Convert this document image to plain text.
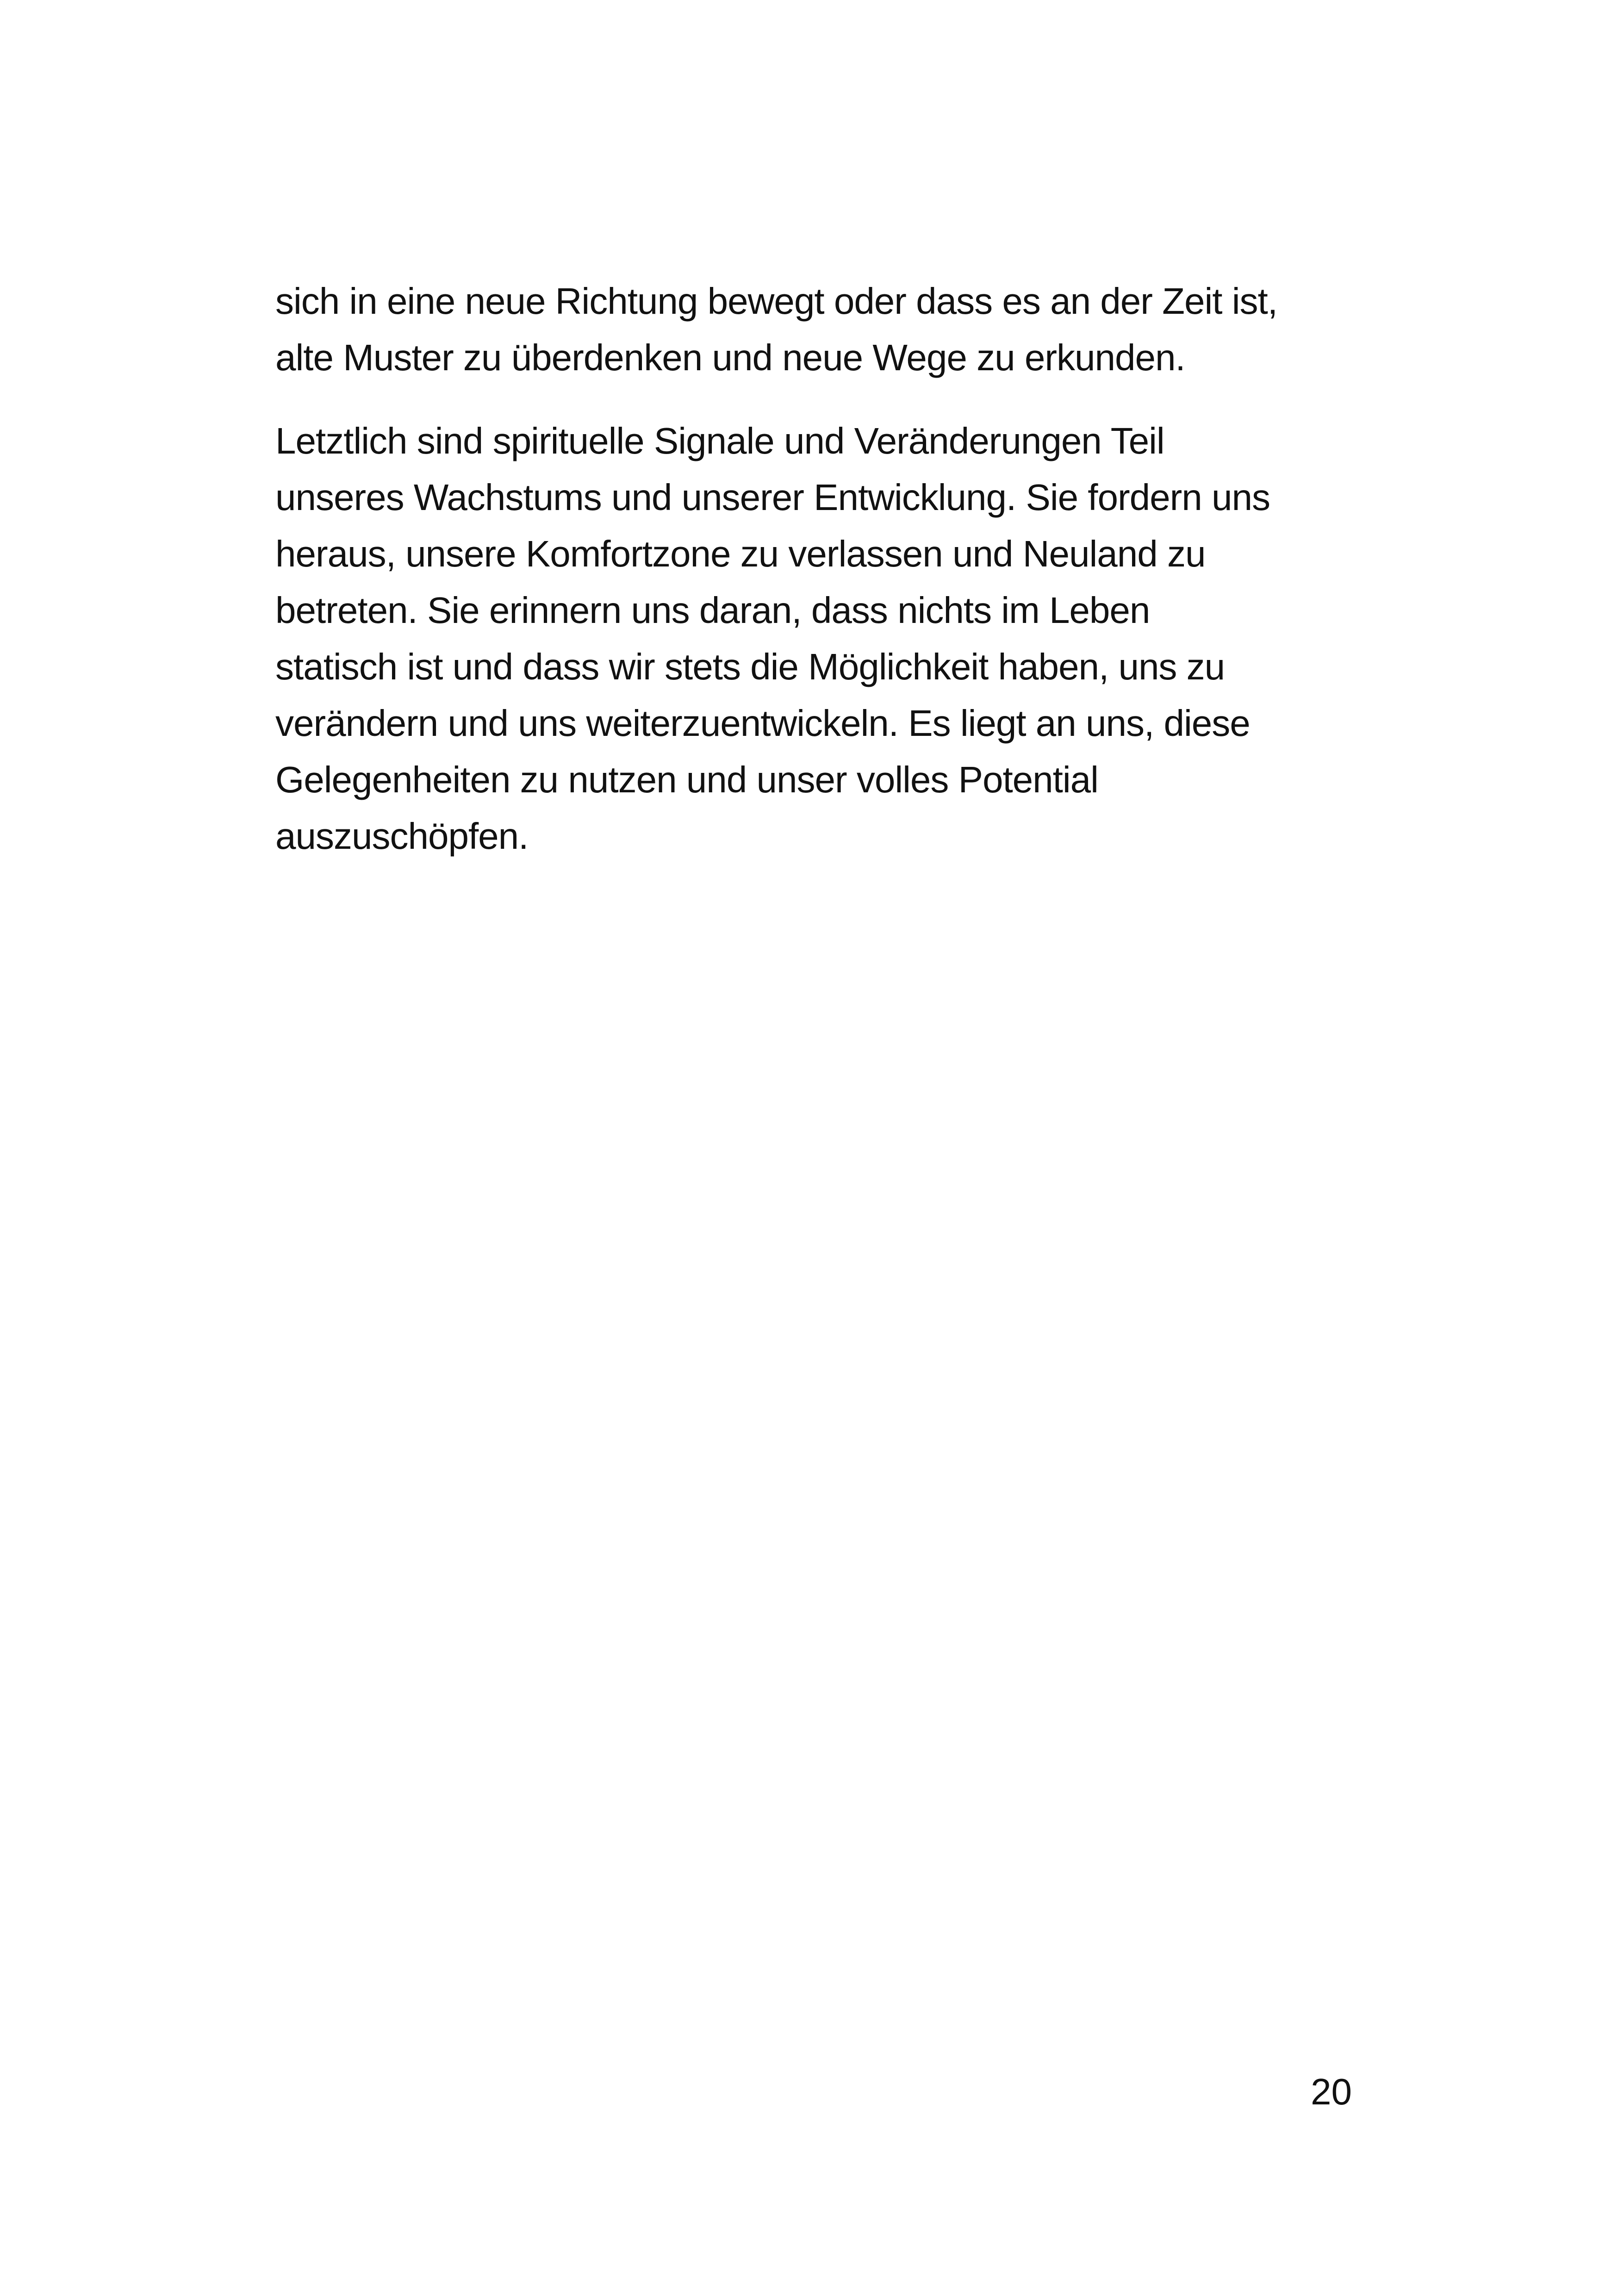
sich in eine neue Richtung bewegt oder dass es an der Zeit ist,
alte Muster zu überdenken und neue Wege zu erkunden.
Letztlich sind spirituelle Signale und Veränderungen Teil
unseres Wachstums und unserer Entwicklung. Sie fordern uns
heraus, unsere Komfortzone zu verlassen und Neuland zu
betreten. Sie erinnern uns daran, dass nichts im Leben
statisch ist und dass wir stets die Möglichkeit haben, uns zu
verändern und uns weiterzuentwickeln. Es liegt an uns, diese
Gelegenheiten zu nutzen und unser volles Potential
auszuschöpfen.
20
